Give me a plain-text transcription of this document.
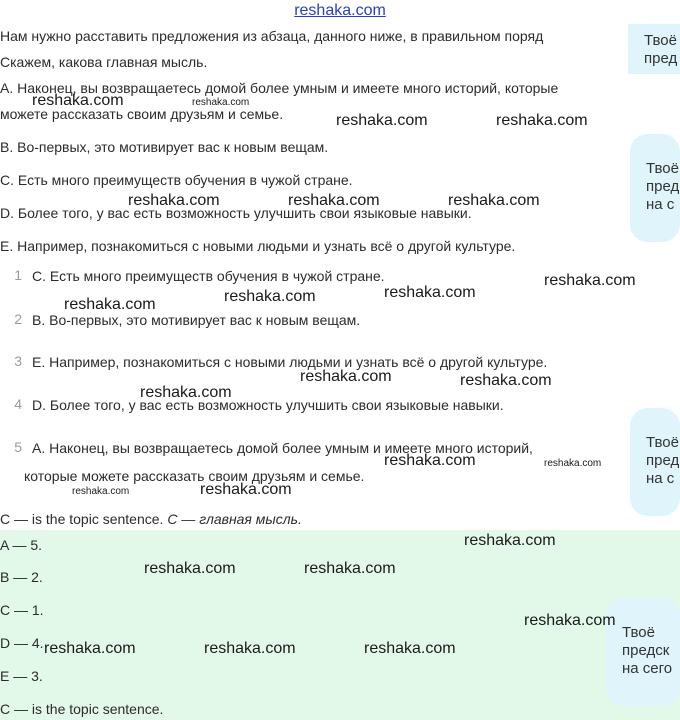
reshaka.com
Нам нужно расставить предложения из абзаца, данного ниже, в правильном поряд
Скажем, какова главная мысль.
A. Наконец, вы возвращаетесь домой более умным и имеете много историй, которые
можете рассказать своим друзьям и семье.
B. Во-первых, это мотивирует вас к новым вещам.
C. Есть много преимуществ обучения в чужой стране.
D. Более того, у вас есть возможность улучшить свои языковые навыки.
E. Например, познакомиться с новыми людьми и узнать всё о другой культуре.
1 C. Есть много преимуществ обучения в чужой стране.
2 B. Во-первых, это мотивирует вас к новым вещам.
3 E. Например, познакомиться с новыми людьми и узнать всё о другой культуре.
4 D. Более того, у вас есть возможность улучшить свои языковые навыки.
5 A. Наконец, вы возвращаетесь домой более умным и имеете много историй,
которые можете рассказать своим друзьям и семье.
C — is the topic sentence. C — главная мысль.
A — 5.
B — 2.
C — 1.
D — 4.
E — 3.
C — is the topic sentence.
Твоё
пред
Твоё
пред
на с
Твоё
пред
на с
Твоё
предск
на сего
reshaka.com	reshaka.com
reshaka.com	reshaka.com
reshaka.com	reshaka.com	reshaka.com
reshaka.com
reshaka.com	reshaka.com
reshaka.com
reshaka.com	reshaka.com
reshaka.com
reshaka.com	reshaka.com
reshaka.com	reshaka.com
reshaka.com
reshaka.com	reshaka.com
reshaka.com
reshaka.com	reshaka.com	reshaka.com
